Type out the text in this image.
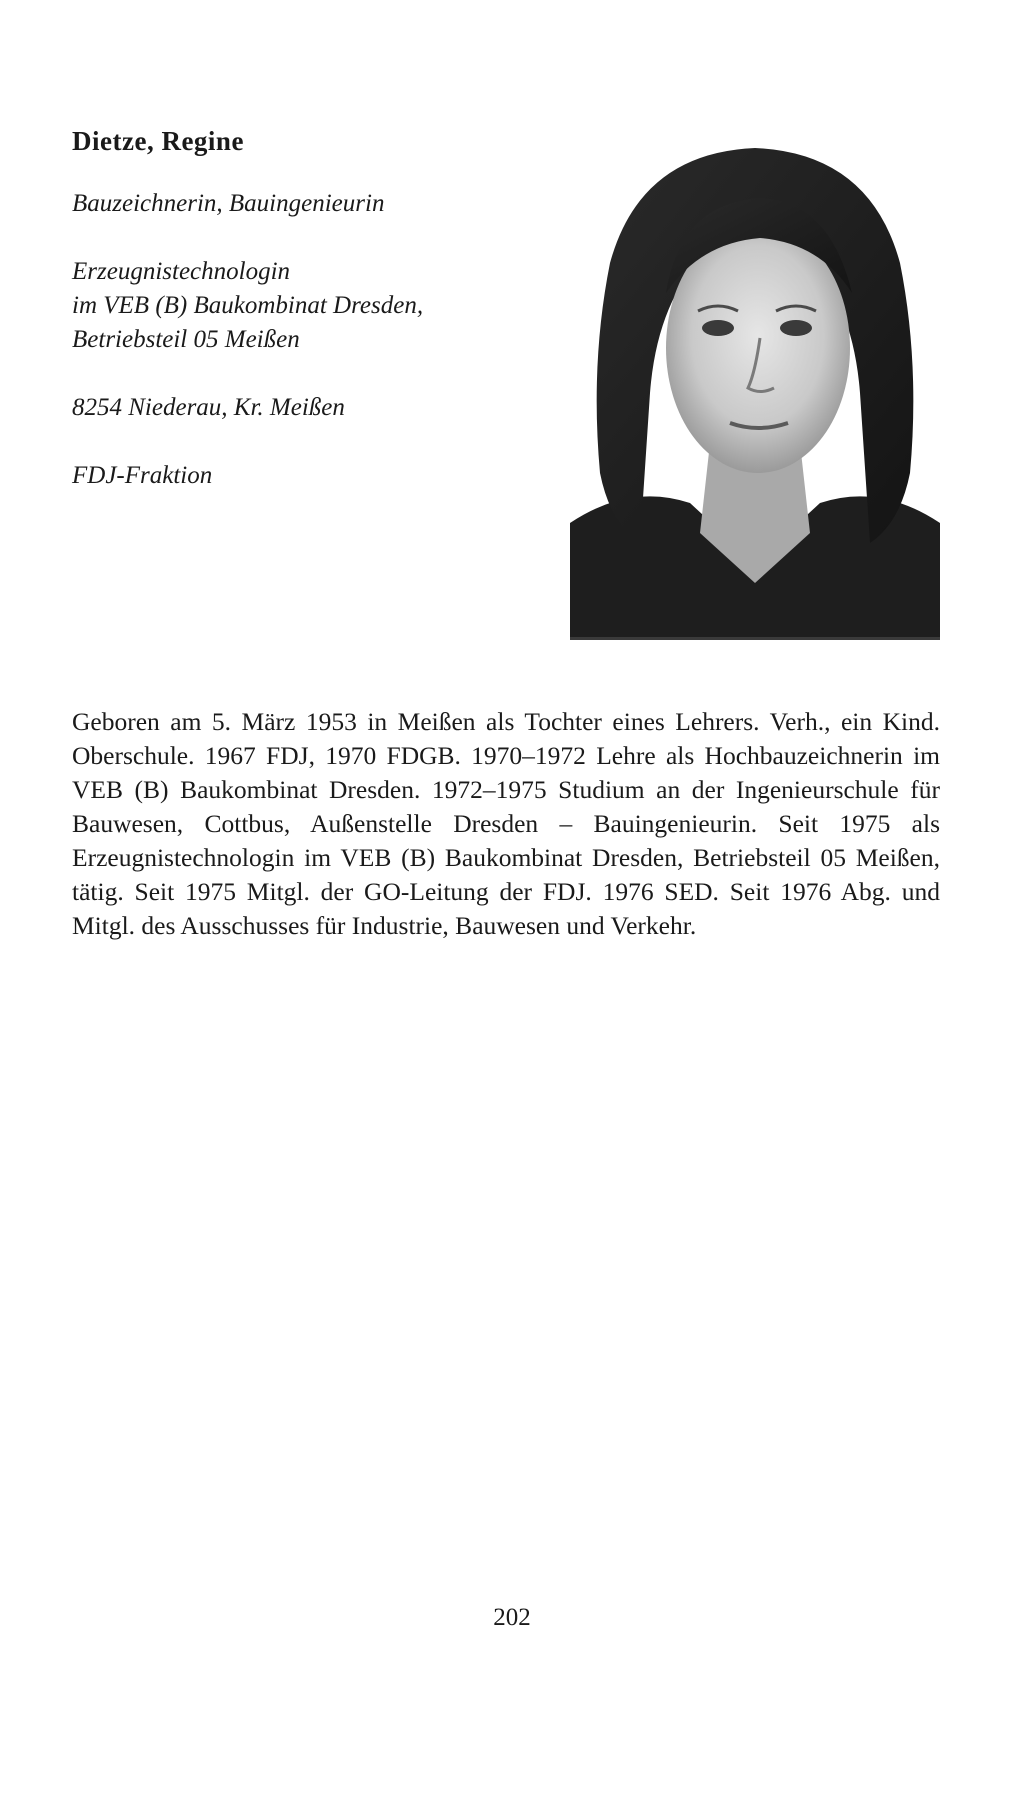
Dietze, Regine

Bauzeichnerin, Bauingenieurin

Erzeugnistechnologin

im VEB (B) Baukombinat Dresden,

Betriebsteil 05 Meißen

8254 Niederau, Kr. Meißen

FDJ-Fraktion

Geboren am 5. März 1953 in Meißen als Tochter eines Lehrers. Verh., ein Kind. Oberschule. 1967 FDJ, 1970 FDGB. 1970–1972 Lehre als Hochbauzeichnerin im VEB (B) Baukombinat Dresden. 1972–1975 Studium an der Ingenieurschule für Bauwesen, Cottbus, Außenstelle Dresden – Bauingenieurin. Seit 1975 als Erzeugnistechnologin im VEB (B) Baukombinat Dresden, Betriebsteil 05 Meißen, tätig. Seit 1975 Mitgl. der GO-Leitung der FDJ. 1976 SED. Seit 1976 Abg. und Mitgl. des Ausschusses für Industrie, Bauwesen und Verkehr.

202
